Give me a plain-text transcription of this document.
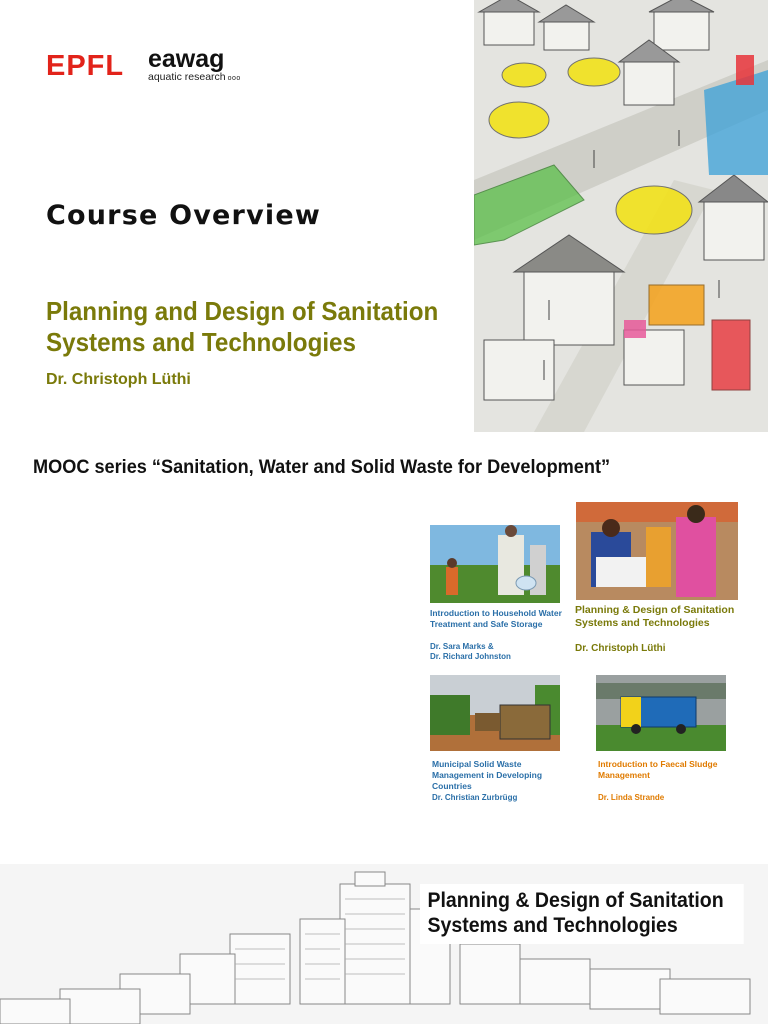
EPFL eawag
aquatic research ooo
Course Overview
Planning and Design of Sanitation Systems and Technologies
Dr. Christoph Lüthi
MOOC series “Sanitation, Water and Solid Waste for Development”
Introduction to Household Water Treatment and Safe Storage
Dr. Sara Marks &
Dr. Richard Johnston
Planning & Design of Sanitation Systems and Technologies
Dr. Christoph Lüthi
Municipal Solid Waste Management in Developing Countries
Dr. Christian Zurbrügg
Introduction to Faecal Sludge Management
Dr. Linda Strande
Planning & Design of Sanitation Systems and Technologies
